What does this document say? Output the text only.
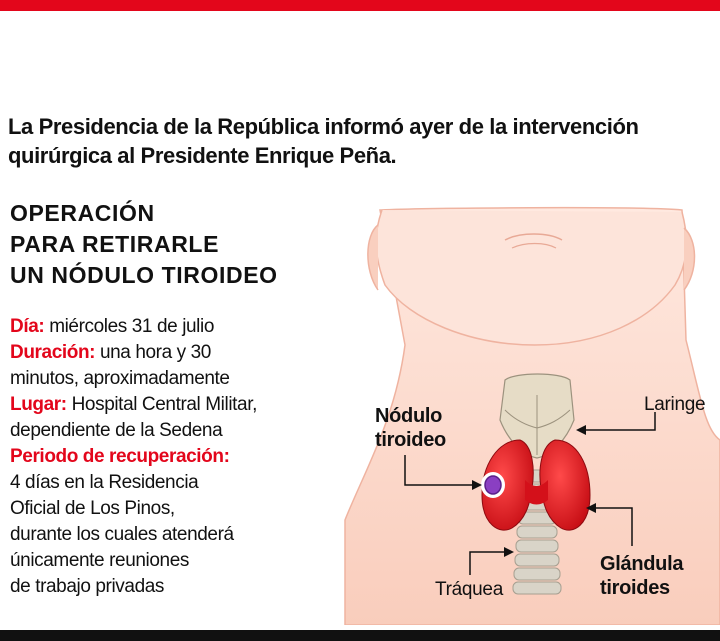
La Presidencia de la República informó ayer de la intervención
quirúrgica al Presidente Enrique Peña.
OPERACIÓN
PARA RETIRARLE
UN NÓDULO TIROIDEO
Día: miércoles 31 de julio
Duración: una hora y 30
minutos, aproximadamente
Lugar: Hospital Central Militar,
dependiente de la Sedena
Periodo de recuperación:
4 días en la Residencia
Oficial de Los Pinos,
durante los cuales atenderá
únicamente reuniones
de trabajo privadas
Nódulo
tiroideo
Laringe
Glándula
tiroides
Tráquea
